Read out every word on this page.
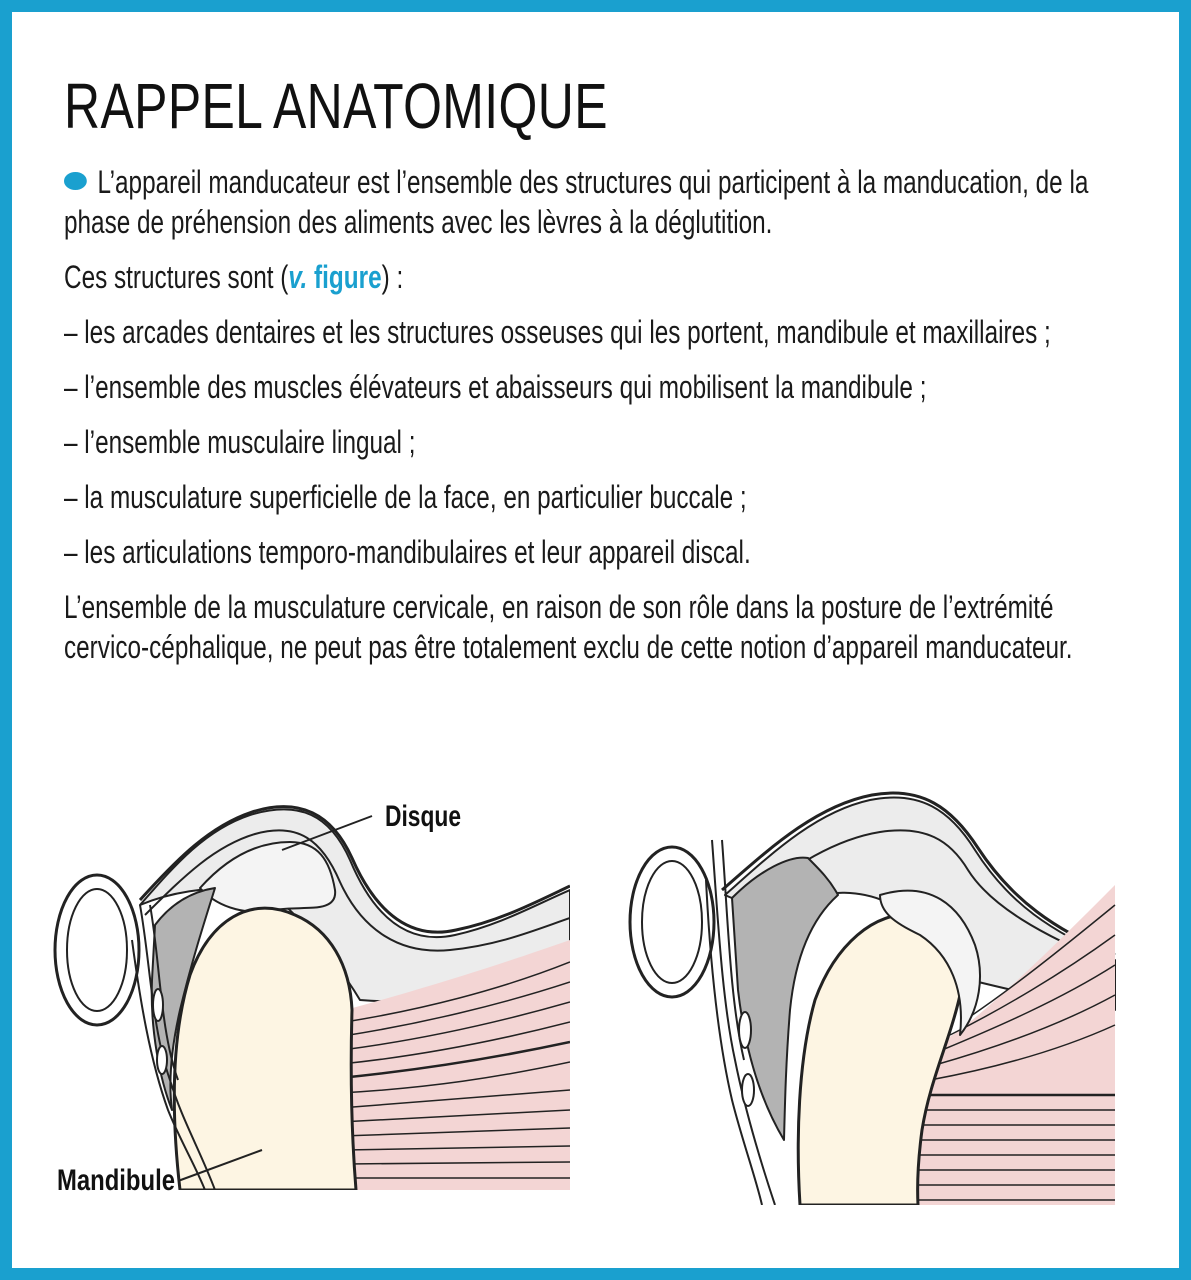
RAPPEL ANATOMIQUE

L’appareil manducateur est l’ensemble des structures qui participent à la manducation, de la phase de préhension des aliments avec les lèvres à la déglutition.

Ces structures sont (v. figure) :

– les arcades dentaires et les structures osseuses qui les portent, mandibule et maxillaires ;

– l’ensemble des muscles élévateurs et abaisseurs qui mobilisent la mandibule ;

– l’ensemble musculaire lingual ;

– la musculature superficielle de la face, en particulier buccale ;

– les articulations temporo-mandibulaires et leur appareil discal.

L’ensemble de la musculature cervicale, en raison de son rôle dans la posture de l’extrémité cervico-céphalique, ne peut pas être totalement exclu de cette notion d’appareil manducateur.

Disque
Mandibule
